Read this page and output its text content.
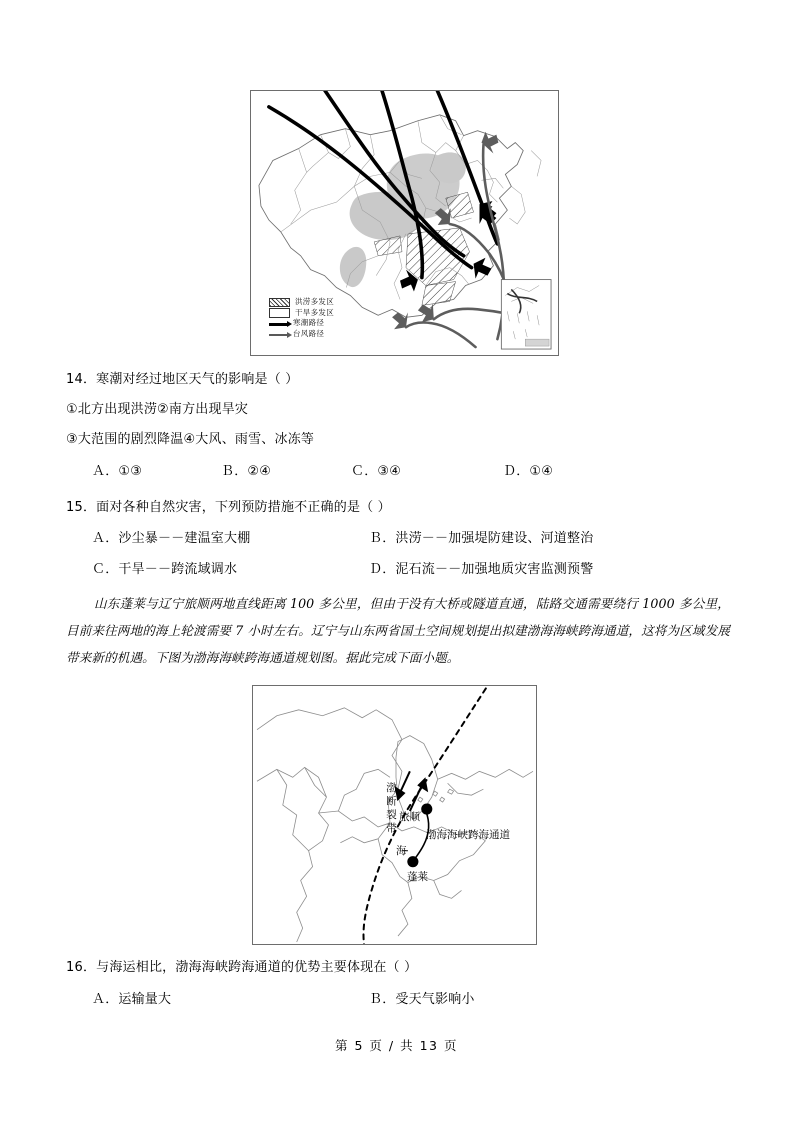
洪涝多发区
干旱多发区
寒潮路径
台风路径
14．寒潮对经过地区天气的影响是（ ）
①北方出现洪涝②南方出现旱灾
③大范围的剧烈降温④大风、雨雪、冰冻等
Ａ．①③	Ｂ．②④	Ｃ．③④	Ｄ．①④
15．面对各种自然灾害，下列预防措施不正确的是（ ）
Ａ．沙尘暴－－建温室大棚	Ｂ．洪涝－－加强堤防建设、河道整治
Ｃ．干旱－－跨流域调水	Ｄ．泥石流－－加强地质灾害监测预警
山东蓬莱与辽宁旅顺两地直线距离 100 多公里，但由于没有大桥或隧道直通，陆路交通需要绕行 1000 多公里，目前来往两地的海上轮渡需要 7 小时左右。辽宁与山东两省国土空间规划提出拟建渤海海峡跨海通道，这将为区域发展带来新的机遇。下图为渤海海峡跨海通道规划图。据此完成下面小题。
渤断裂带
海
旅顺
蓬莱
渤海海峡跨海通道
16．与海运相比，渤海海峡跨海通道的优势主要体现在（ ）
Ａ．运输量大	Ｂ．受天气影响小
第 5 页 / 共 13 页
